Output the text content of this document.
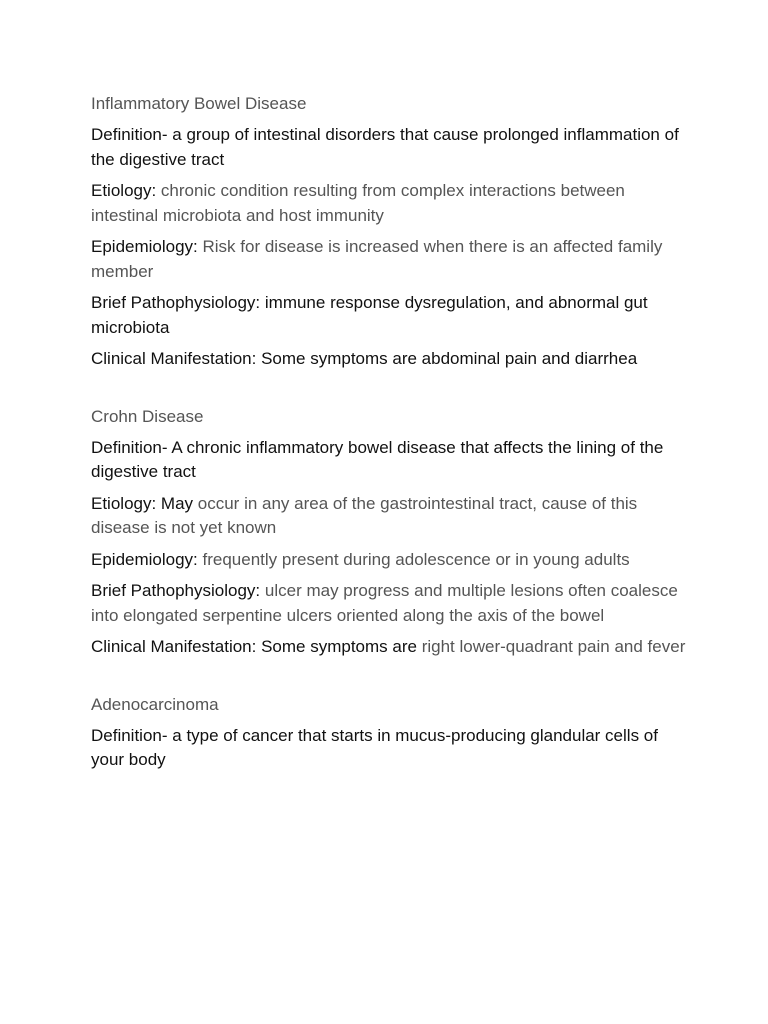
Inflammatory Bowel Disease

Definition- a group of intestinal disorders that cause prolonged inflammation of the digestive tract

Etiology: chronic condition resulting from complex interactions between intestinal microbiota and host immunity

Epidemiology: Risk for disease is increased when there is an affected family member

Brief Pathophysiology: immune response dysregulation, and abnormal gut microbiota

Clinical Manifestation: Some symptoms are abdominal pain and diarrhea

Crohn Disease

Definition- A chronic inflammatory bowel disease that affects the lining of the digestive tract

Etiology: May occur in any area of the gastrointestinal tract, cause of this disease is not yet known

Epidemiology: frequently present during adolescence or in young adults

Brief Pathophysiology: ulcer may progress and multiple lesions often coalesce into elongated serpentine ulcers oriented along the axis of the bowel

Clinical Manifestation: Some symptoms are right lower-quadrant pain and fever

Adenocarcinoma

Definition- a type of cancer that starts in mucus-producing glandular cells of your body
